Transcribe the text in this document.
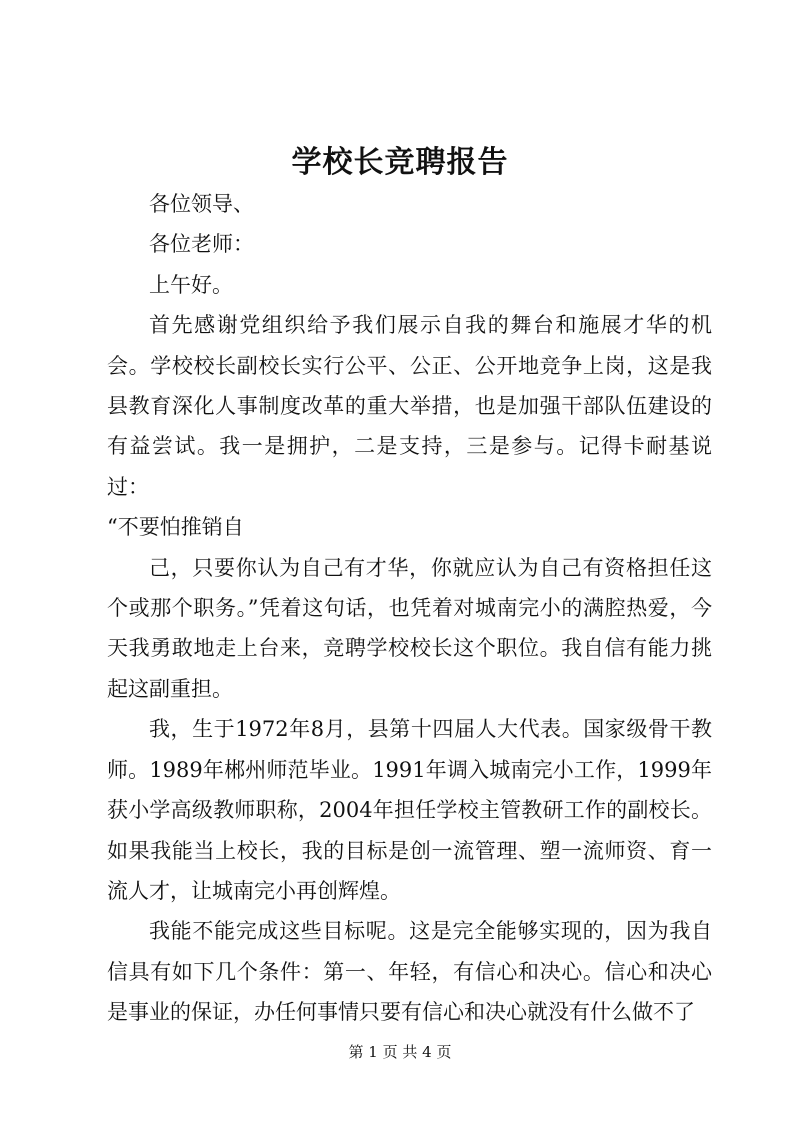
学校长竞聘报告

各位领导、

各位老师：

上午好。

首先感谢党组织给予我们展示自我的舞台和施展才华的机会。学校校长副校长实行公平、公正、公开地竞争上岗，这是我县教育深化人事制度改革的重大举措，也是加强干部队伍建设的有益尝试。我一是拥护，二是支持，三是参与。记得卡耐基说过：

“不要怕推销自

己，只要你认为自己有才华，你就应认为自己有资格担任这个或那个职务。”凭着这句话，也凭着对城南完小的满腔热爱，今天我勇敢地走上台来，竞聘学校校长这个职位。我自信有能力挑起这副重担。

我，生于1972年8月，县第十四届人大代表。国家级骨干教师。1989年郴州师范毕业。1991年调入城南完小工作，1999年获小学高级教师职称，2004年担任学校主管教研工作的副校长。如果我能当上校长，我的目标是创一流管理、塑一流师资、育一流人才，让城南完小再创辉煌。

我能不能完成这些目标呢。这是完全能够实现的，因为我自信具有如下几个条件：第一、年轻，有信心和决心。信心和决心是事业的保证，办任何事情只要有信心和决心就没有什么做不了

第 1 页 共 4 页
